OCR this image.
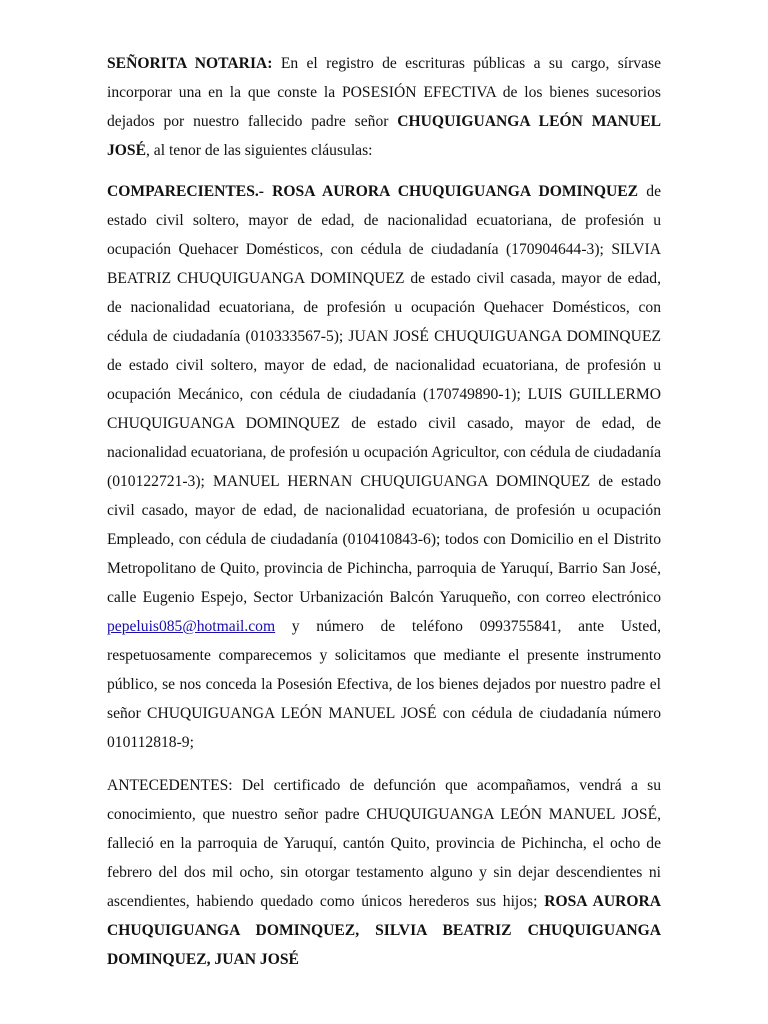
SEÑORITA NOTARIA: En el registro de escrituras públicas a su cargo, sírvase incorporar una en la que conste la POSESIÓN EFECTIVA de los bienes sucesorios dejados por nuestro fallecido padre señor CHUQUIGUANGA LEÓN MANUEL JOSÉ, al tenor de las siguientes cláusulas:

COMPARECIENTES.- ROSA AURORA CHUQUIGUANGA DOMINQUEZ de estado civil soltero, mayor de edad, de nacionalidad ecuatoriana, de profesión u ocupación Quehacer Domésticos, con cédula de ciudadanía (170904644-3); SILVIA BEATRIZ CHUQUIGUANGA DOMINQUEZ de estado civil casada, mayor de edad, de nacionalidad ecuatoriana, de profesión u ocupación Quehacer Domésticos, con cédula de ciudadanía (010333567-5); JUAN JOSÉ CHUQUIGUANGA DOMINQUEZ de estado civil soltero, mayor de edad, de nacionalidad ecuatoriana, de profesión u ocupación Mecánico, con cédula de ciudadanía (170749890-1); LUIS GUILLERMO CHUQUIGUANGA DOMINQUEZ de estado civil casado, mayor de edad, de nacionalidad ecuatoriana, de profesión u ocupación Agricultor, con cédula de ciudadanía (010122721-3); MANUEL HERNAN CHUQUIGUANGA DOMINQUEZ de estado civil casado, mayor de edad, de nacionalidad ecuatoriana, de profesión u ocupación Empleado, con cédula de ciudadanía (010410843-6); todos con Domicilio en el Distrito Metropolitano de Quito, provincia de Pichincha, parroquia de Yaruquí, Barrio San José, calle Eugenio Espejo, Sector Urbanización Balcón Yaruqueño, con correo electrónico pepeluis085@hotmail.com y número de teléfono 0993755841, ante Usted, respetuosamente comparecemos y solicitamos que mediante el presente instrumento público, se nos conceda la Posesión Efectiva, de los bienes dejados por nuestro padre el señor CHUQUIGUANGA LEÓN MANUEL JOSÉ con cédula de ciudadanía número 010112818-9;

ANTECEDENTES: Del certificado de defunción que acompañamos, vendrá a su conocimiento, que nuestro señor padre CHUQUIGUANGA LEÓN MANUEL JOSÉ, falleció en la parroquia de Yaruquí, cantón Quito, provincia de Pichincha, el ocho de febrero del dos mil ocho, sin otorgar testamento alguno y sin dejar descendientes ni ascendientes, habiendo quedado como únicos herederos sus hijos; ROSA AURORA CHUQUIGUANGA DOMINQUEZ, SILVIA BEATRIZ CHUQUIGUANGA DOMINQUEZ, JUAN JOSÉ
